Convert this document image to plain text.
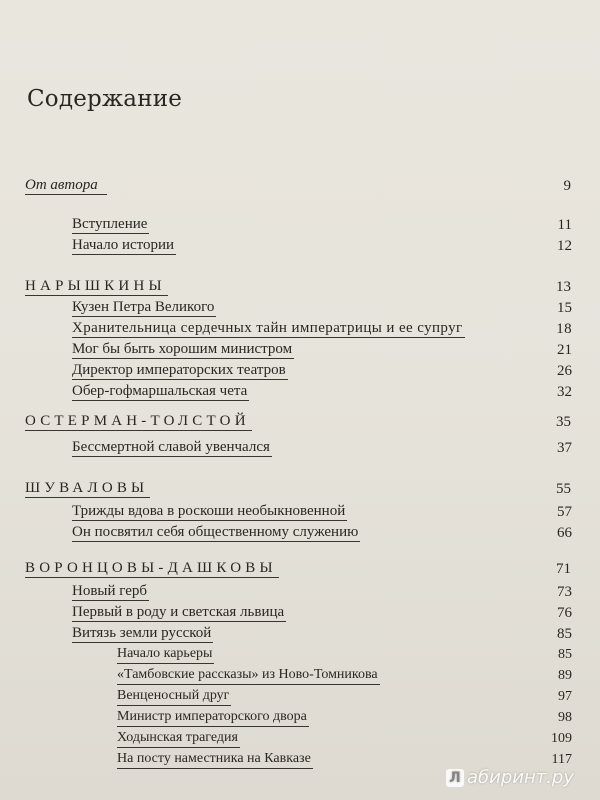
Содержание
От автора	9
Вступление	11
Начало истории	12
НАРЫШКИНЫ	13
Кузен Петра Великого	15
Хранительница сердечных тайн императрицы и ее супруг	18
Мог бы быть хорошим министром	21
Директор императорских театров	26
Обер-гофмаршальская чета	32
ОСТЕРМАН-ТОЛСТОЙ	35
Бессмертной славой увенчался	37
ШУВАЛОВЫ	55
Трижды вдова в роскоши необыкновенной	57
Он посвятил себя общественному служению	66
ВОРОНЦОВЫ-ДАШКОВЫ	71
Новый герб	73
Первый в роду и светская львица	76
Витязь земли русской	85
Начало карьеры	85
«Тамбовские рассказы» из Ново-Томникова	89
Венценосный друг	97
Министр императорского двора	98
Ходынская трагедия	109
На посту наместника на Кавказе	117
Л абиринт.ру
